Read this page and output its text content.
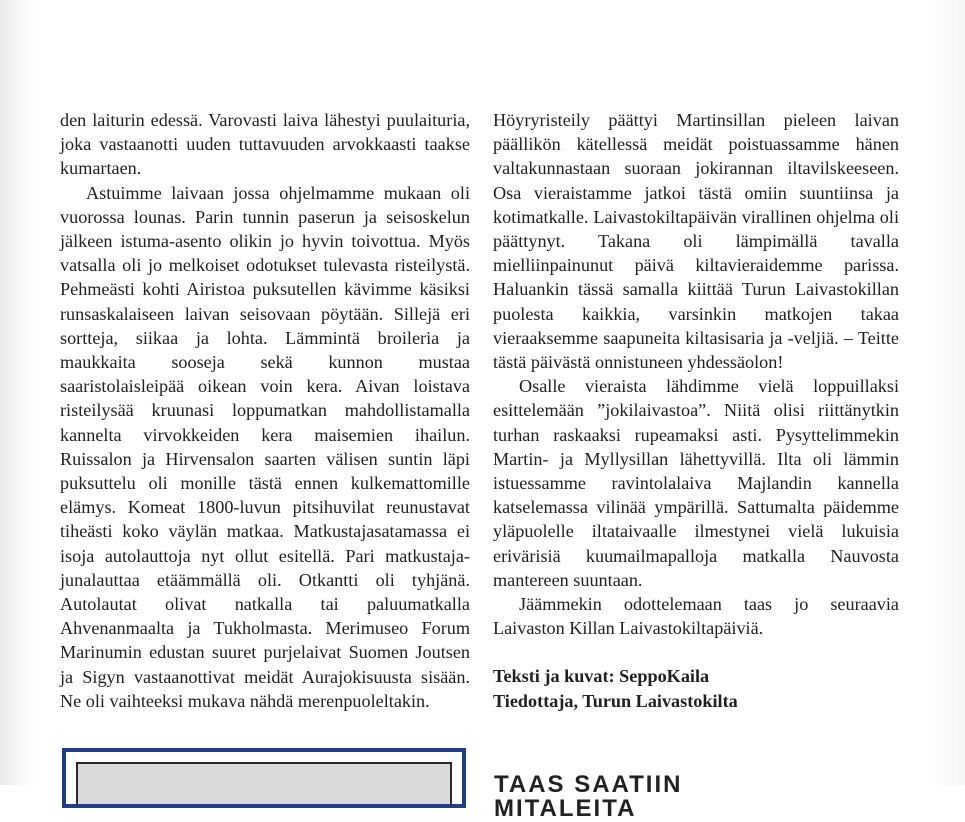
den laiturin edessä. Varovasti laiva lähestyi puulaituria, joka vastaanotti uuden tuttavuuden arvokkaasti taakse kumartaen.

Astuimme laivaan jossa ohjelmamme mukaan oli vuorossa lounas. Parin tunnin paserun ja seisoskelun jälkeen istuma-asento olikin jo hyvin toivottua. Myös vatsalla oli jo melkoiset odotukset tulevasta risteilystä. Pehmeästi kohti Airistoa puksutellen kävimme käsiksi runsaskalaiseen laivan seisovaan pöytään. Sillejä eri sortteja, siikaa ja lohta. Lämmintä broileria ja maukkaita sooseja sekä kunnon mustaa saaristolaisleipää oikean voin kera. Aivan loistava risteilysää kruunasi loppumatkan mahdollistamalla kannelta virvokkeiden kera maisemien ihailun. Ruissalon ja Hirvensalon saarten välisen suntin läpi puksuttelu oli monille tästä ennen kulkemattomille elämys. Komeat 1800-luvun pitsihuvilat reunustavat tiheästi koko väylän matkaa. Matkustajasatamassa ei isoja autolauttoja nyt ollut esitellä. Pari matkustaja-junalauttaa etäämmällä oli. Otkantti oli tyhjänä. Autolautat olivat natkalla tai paluumatkalla Ahvenanmaalta ja Tukholmasta. Merimuseo Forum Marinumin edustan suuret purjelaivat Suomen Joutsen ja Sigyn vastaanottivat meidät Aurajokisuusta sisään. Ne oli vaihteeksi mukava nähdä merenpuoleltakin.

Höyryristeily päättyi Martinsillan pieleen laivan päällikön kätellessä meidät poistuassamme hänen valtakunnastaan suoraan jokirannan iltavilskeeseen. Osa vieraistamme jatkoi tästä omiin suuntiinsa ja kotimatkalle. Laivastokiltapäivän virallinen ohjelma oli päättynyt. Takana oli lämpimällä tavalla mielliinpainunut päivä kiltavieraidemme parissa. Haluankin tässä samalla kiittää Turun Laivastokillan puolesta kaikkia, varsinkin matkojen takaa vieraaksemme saapuneita kiltasisaria ja -veljiä. – Teitte tästä päivästä onnistuneen yhdessäolon!

Osalle vieraista lähdimme vielä loppuillaksi esittelemään ”jokilaivastoa”. Niitä olisi riittänytkin turhan raskaaksi rupeamaksi asti. Pysyttelimmekin Martin- ja Myllysillan lähettyvillä. Ilta oli lämmin istuessamme ravintolalaiva Majlandin kannella katselemassa vilinää ympärillä. Sattumalta päidemme yläpuolelle iltataivaalle ilmestynei vielä lukuisia erivärisiä kuumailmapalloja matkalla Nauvosta mantereen suuntaan.

Jäämmekin odottelemaan taas jo seuraavia Laivaston Killan Laivastokiltapäiviä.

Teksti ja kuvat: SeppoKaila
Tiedottaja, Turun Laivastokilta
TAAS SAATIIN MITALEITA
